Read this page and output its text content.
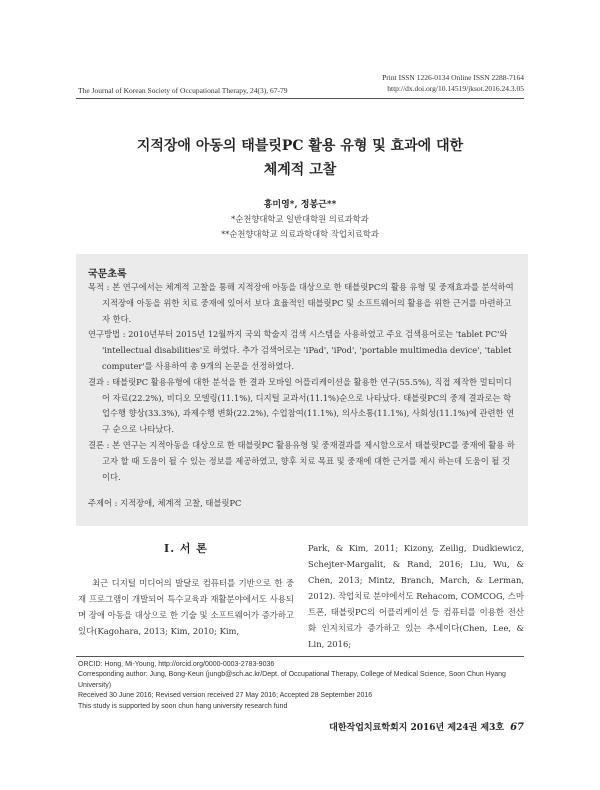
The Journal of Korean Society of Occupational Therapy, 24(3), 67-79
Print ISSN 1226-0134 Online ISSN 2288-7164
http://dx.doi.org/10.14519/jksot.2016.24.3.05
지적장애 아동의 태블릿PC 활용 유형 및 효과에 대한
체계적 고찰
홍미영*, 정봉근**
*순천향대학교 일반대학원 의료과학과
**순천향대학교 의료과학대학 작업치료학과
국문초록
목적 : 본 연구에서는 체계적 고찰을 통해 지적장애 아동을 대상으로 한 태블릿PC의 활용 유형 및 중재효과를 분석하여 지적장애 아동을 위한 치료 중재에 있어서 보다 효율적인 태블릿PC 및 소프트웨어의 활용을 위한 근거를 마련하고자 한다.
연구방법 : 2010년부터 2015년 12월까지 국외 학술지 검색 시스템을 사용하였고 주요 검색용어로는 'tablet PC'와 'intellectual disabilities'로 하였다. 추가 검색어로는 'iPad', 'iPod', 'portable multimedia device', 'tablet computer'를 사용하여 총 9개의 논문을 선정하였다.
결과 : 태블릿PC 활용유형에 대한 분석을 한 결과 모바일 어플리케이션을 활용한 연구(55.5%), 직접 제작한 멀티미디어 자료(22.2%), 비디오 모델링(11.1%), 디지털 교과서(11.1%)순으로 나타났다. 태블릿PC의 중재 결과로는 학업수행 향상(33.3%), 과제수행 변화(22.2%), 수업참여(11.1%), 의사소통(11.1%), 사회성(11.1%)에 관련한 연구 순으로 나타났다.
결론 : 본 연구는 지적아동을 대상으로 한 태블릿PC 활용유형 및 중재결과를 제시함으로서 태블릿PC를 중재에 활용 하고자 할 때 도움이 될 수 있는 정보를 제공하였고, 향후 치료 목표 및 중재에 대한 근거를 제시 하는데 도움이 될 것이다.
주제어 : 지적장애, 체계적 고찰, 태블릿PC
Ⅰ. 서 론
최근 디지털 미디어의 발달로 컴퓨터를 기반으로 한 중재 프로그램이 개발되어 특수교육과 재활분야에서도 사용되며 장애 아동을 대상으로 한 기술 및 소프트웨어가 증가하고 있다(Kagohara, 2013; Kim, 2010; Kim,
Park, & Kim, 2011; Kizony, Zeilig, Dudkiewicz, Schejter-Margalit, & Rand, 2016; Liu, Wu, & Chen, 2013; Mintz, Branch, March, & Lerman, 2012). 작업치료 분야에서도 Rehacom, COMCOG, 스마트폰, 태블릿PC의 어플리케이션 등 컴퓨터를 이용한 전산화 인지치료가 증가하고 있는 추세이다(Chen, Lee, & Lin, 2016;
ORCID: Hong, Mi-Young, http://orcid.org/0000-0003-2783-9036
Corresponding author: Jung, Bong-Keun (jungb@sch.ac.kr/Dept. of Occupational Therapy, College of Medical Science, Soon Chun Hyang University)
Received 30 June 2016; Revised version received 27 May 2016; Accepted 28 September 2016
This study is supported by soon chun hang university research fund
대한작업치료학회지 2016년 제24권 제3호 67
